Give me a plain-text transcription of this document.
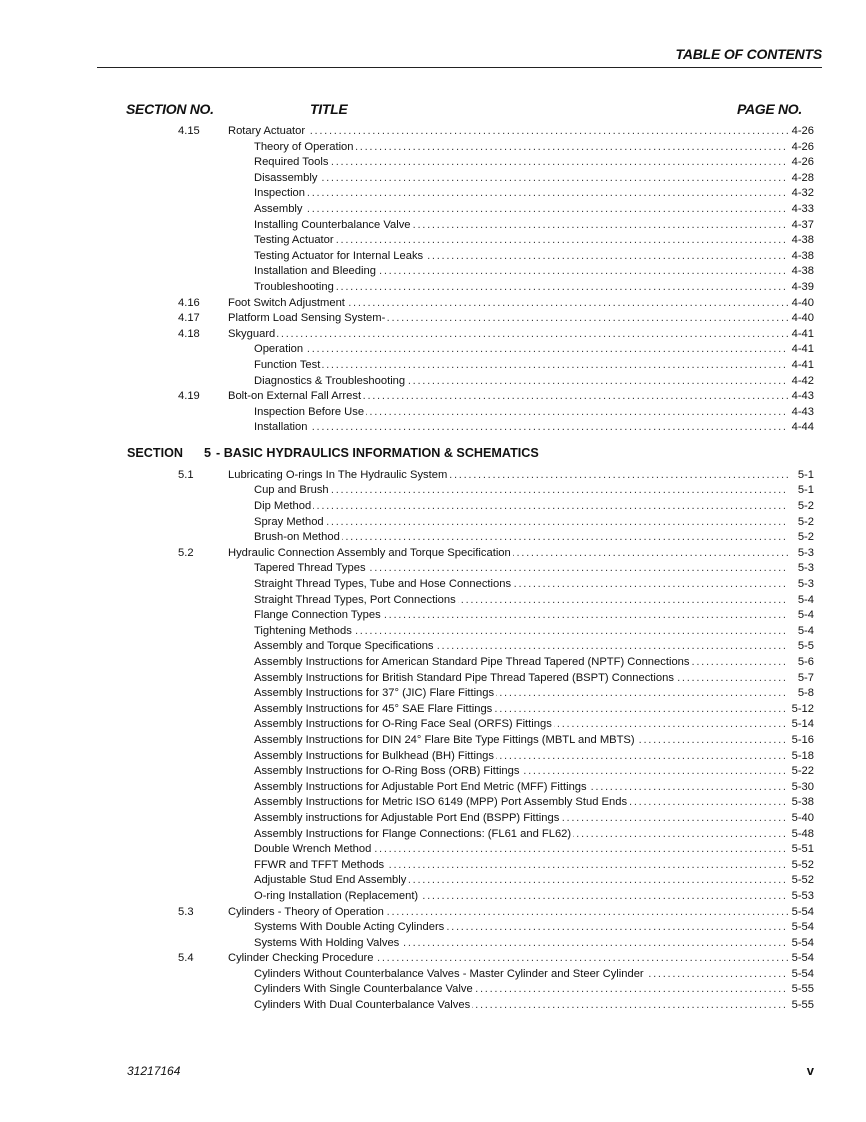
TABLE OF CONTENTS
SECTION NO.	TITLE	PAGE NO.
4.15	Rotary Actuator .....	4-26
Theory of Operation .....	4-26
Required Tools .....	4-26
Disassembly .....	4-28
Inspection .....	4-32
Assembly .....	4-33
Installing Counterbalance Valve .....	4-37
Testing Actuator .....	4-38
Testing Actuator for Internal Leaks .....	4-38
Installation and Bleeding .....	4-38
Troubleshooting .....	4-39
4.16	Foot Switch Adjustment .....	4-40
4.17	Platform Load Sensing System- .....	4-40
4.18	Skyguard .....	4-41
Operation .....	4-41
Function Test .....	4-41
Diagnostics & Troubleshooting .....	4-42
4.19	Bolt-on External Fall Arrest .....	4-43
Inspection Before Use .....	4-43
Installation .....	4-44
SECTION 5 - BASIC HYDRAULICS INFORMATION & SCHEMATICS
5.1	Lubricating O-rings In The Hydraulic System .....	5-1
Cup and Brush .....	5-1
Dip Method .....	5-2
Spray Method .....	5-2
Brush-on Method .....	5-2
5.2	Hydraulic Connection Assembly and Torque Specification .....	5-3
Tapered Thread Types .....	5-3
Straight Thread Types, Tube and Hose Connections .....	5-3
Straight Thread Types, Port Connections .....	5-4
Flange Connection Types .....	5-4
Tightening Methods .....	5-4
Assembly and Torque Specifications .....	5-5
Assembly Instructions for American Standard Pipe Thread Tapered (NPTF) Connections .....	5-6
Assembly Instructions for British Standard Pipe Thread Tapered (BSPT) Connections .....	5-7
Assembly Instructions for 37° (JIC) Flare Fittings .....	5-8
Assembly Instructions for 45° SAE Flare Fittings .....	5-12
Assembly Instructions for O-Ring Face Seal (ORFS) Fittings .....	5-14
Assembly Instructions for DIN 24° Flare Bite Type Fittings (MBTL and MBTS) .....	5-16
Assembly Instructions for Bulkhead (BH) Fittings .....	5-18
Assembly Instructions for O-Ring Boss (ORB) Fittings .....	5-22
Assembly Instructions for Adjustable Port End Metric (MFF) Fittings .....	5-30
Assembly Instructions for Metric ISO 6149 (MPP) Port Assembly Stud Ends .....	5-38
Assembly instructions for Adjustable Port End (BSPP) Fittings .....	5-40
Assembly Instructions for Flange Connections: (FL61 and FL62) .....	5-48
Double Wrench Method .....	5-51
FFWR and TFFT Methods .....	5-52
Adjustable Stud End Assembly .....	5-52
O-ring Installation (Replacement) .....	5-53
5.3	Cylinders - Theory of Operation .....	5-54
Systems With Double Acting Cylinders .....	5-54
Systems With Holding Valves .....	5-54
5.4	Cylinder Checking Procedure .....	5-54
Cylinders Without Counterbalance Valves - Master Cylinder and Steer Cylinder .....	5-54
Cylinders With Single Counterbalance Valve .....	5-55
Cylinders With Dual Counterbalance Valves .....	5-55
31217164	v
